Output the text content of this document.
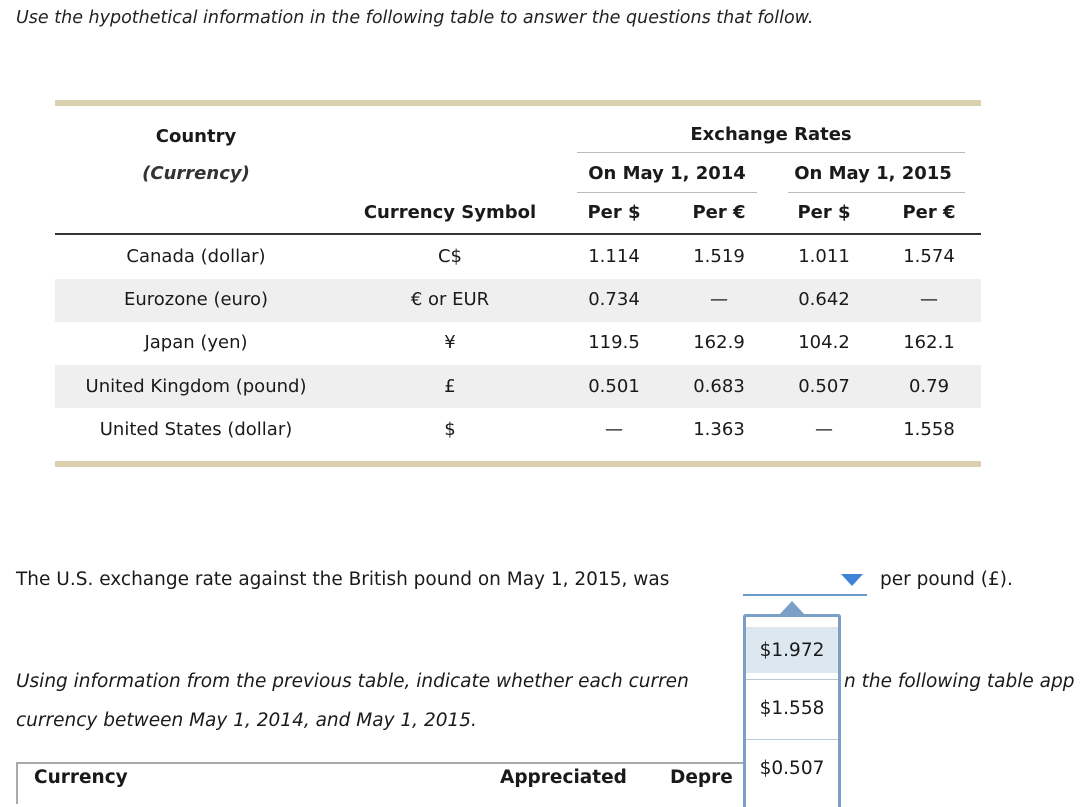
Use the hypothetical information in the following table to answer the questions that follow.
Country
(Currency)
Currency Symbol
Exchange Rates
On May 1, 2014	On May 1, 2015
Per $	Per €	Per $	Per €
Canada (dollar)	C$	1.114	1.519	1.011	1.574
Eurozone (euro)	€ or EUR	0.734	—	0.642	—
Japan (yen)	¥	119.5	162.9	104.2	162.1
United Kingdom (pound)	£	0.501	0.683	0.507	0.79
United States (dollar)	$	—	1.363	—	1.558
The U.S. exchange rate against the British pound on May 1, 2015, was	per pound (£).
Using information from the previous table, indicate whether each curren	n the following table app
currency between May 1, 2014, and May 1, 2015.
Currency	Appreciated Depre
$1.972
$1.558
$0.507
